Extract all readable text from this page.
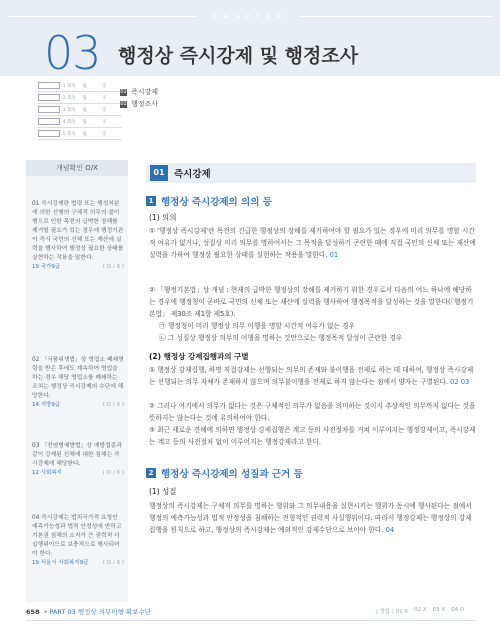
CHAPTER
03 행정상 즉시강제 및 행정조사
1 회독	월	일
2 회독	월	일
3 회독	월	일
4 회독	월	일
5 회독	월	일
01 즉시강제
02 행정조사
개념확인 O/X
01 즉시강제란 법령 또는 행정처분에 의한 선행의 구체적 의무의 불이행으로 인한 목전의 급박한 장해를 제거할 필요가 있는 경우에 행정기관이 즉시 국민의 신체 또는 재산에 실력을 행사하여 행정상 필요한 상태를 실현하는 작용을 말한다.
19 국가9급	( O / X )
02 「식품위생법」상 영업소 폐쇄명령을 받은 후에도 계속하여 영업을 하는 경우 해당 영업소를 폐쇄하는 조치는 행정상 즉시강제의 수단에 해당한다.
14 지방9급	( O / X )
03 「전염병예방법」상 예방접종과 같이 강제된 신체에 대한 침해는 즉시강제에 해당한다.
12 사회복지	( O / X )
04 즉시강제는 법치국가적 요청인 예측가능성과 법적 안정성에 반하고 기본권 침해의 소지가 큰 권력적 사실행위이므로 보충적으로 행사되어야 한다.
19 서울시 사회복지9급	( O / X )
01 즉시강제
1 행정상 즉시강제의 의의 등
(1) 의의
① '행정상 즉시강제'란 목전의 긴급한 행정상의 장해를 제거하여야 할 필요가 있는 경우에 미리 의무를 명할 시간적 여유가 없거나, 성질상 미리 의무를 명하여서는 그 목적을 달성하기 곤란한 때에 직접 국민의 신체 또는 재산에 실력을 가하여 행정상 필요한 상태를 실현하는 작용을 말한다. 01
② 「행정기본법」상 개념 : 현재의 급박한 행정상의 장해를 제거하기 위한 경우로서 다음의 어느 하나에 해당하는 경우에 행정청이 곧바로 국민의 신체 또는 재산에 실력을 행사하여 행정목적을 달성하는 것을 말한다(「행정기본법」 제30조 제1항 제5호).
㉠ 행정청이 미리 행정상 의무 이행을 명할 시간적 여유가 없는 경우
㉡ 그 성질상 행정상 의무의 이행을 명하는 것만으로는 행정목적 달성이 곤란한 경우
(2) 행정상 강제집행과의 구별
① 행정상 강제집행, 하명 직접강제는 선행되는 의무의 존재와 불이행을 전제로 하는 데 대하여, 행정상 즉시강제는 선행되는 의무 자체가 존재하지 않으며 의무불이행을 전제로 하지 않는다는 점에서 양자는 구별된다. 02 03
② 그러나 여기에서 의무가 없다는 것은 구체적인 의무가 없음을 의미하는 것이지 추상적인 의무까지 없다는 것을 뜻하지는 않는다는 것에 유의하여야 한다.
③ 최근 새로운 견해에 의하면 행정상 강제집행은 계고 등의 사전절차를 거쳐 이루어지는 행정강제이고, 즉시강제는 계고 등의 사전절차 없이 이루어지는 행정강제라고 한다.
2 행정상 즉시강제의 성질과 근거 등
(1) 성질
행정상의 즉시강제는 구체적 의무를 명하는 행위와 그 의무내용을 실현시키는 행위가 동시에 행사된다는 점에서 행정의 예측가능성과 법적 안정성을 침해하는 전형적인 권력적 사실행위이다. 따라서 행정강제는 행정상의 강제집행을 원칙으로 하고, 행정상의 즉시강제는 예외적인 강제수단으로 보아야 한다. 04
658 • PART 03 행정상 의무이행 확보수단	| 정답 | 01 X 02 X 03 X 04 O
